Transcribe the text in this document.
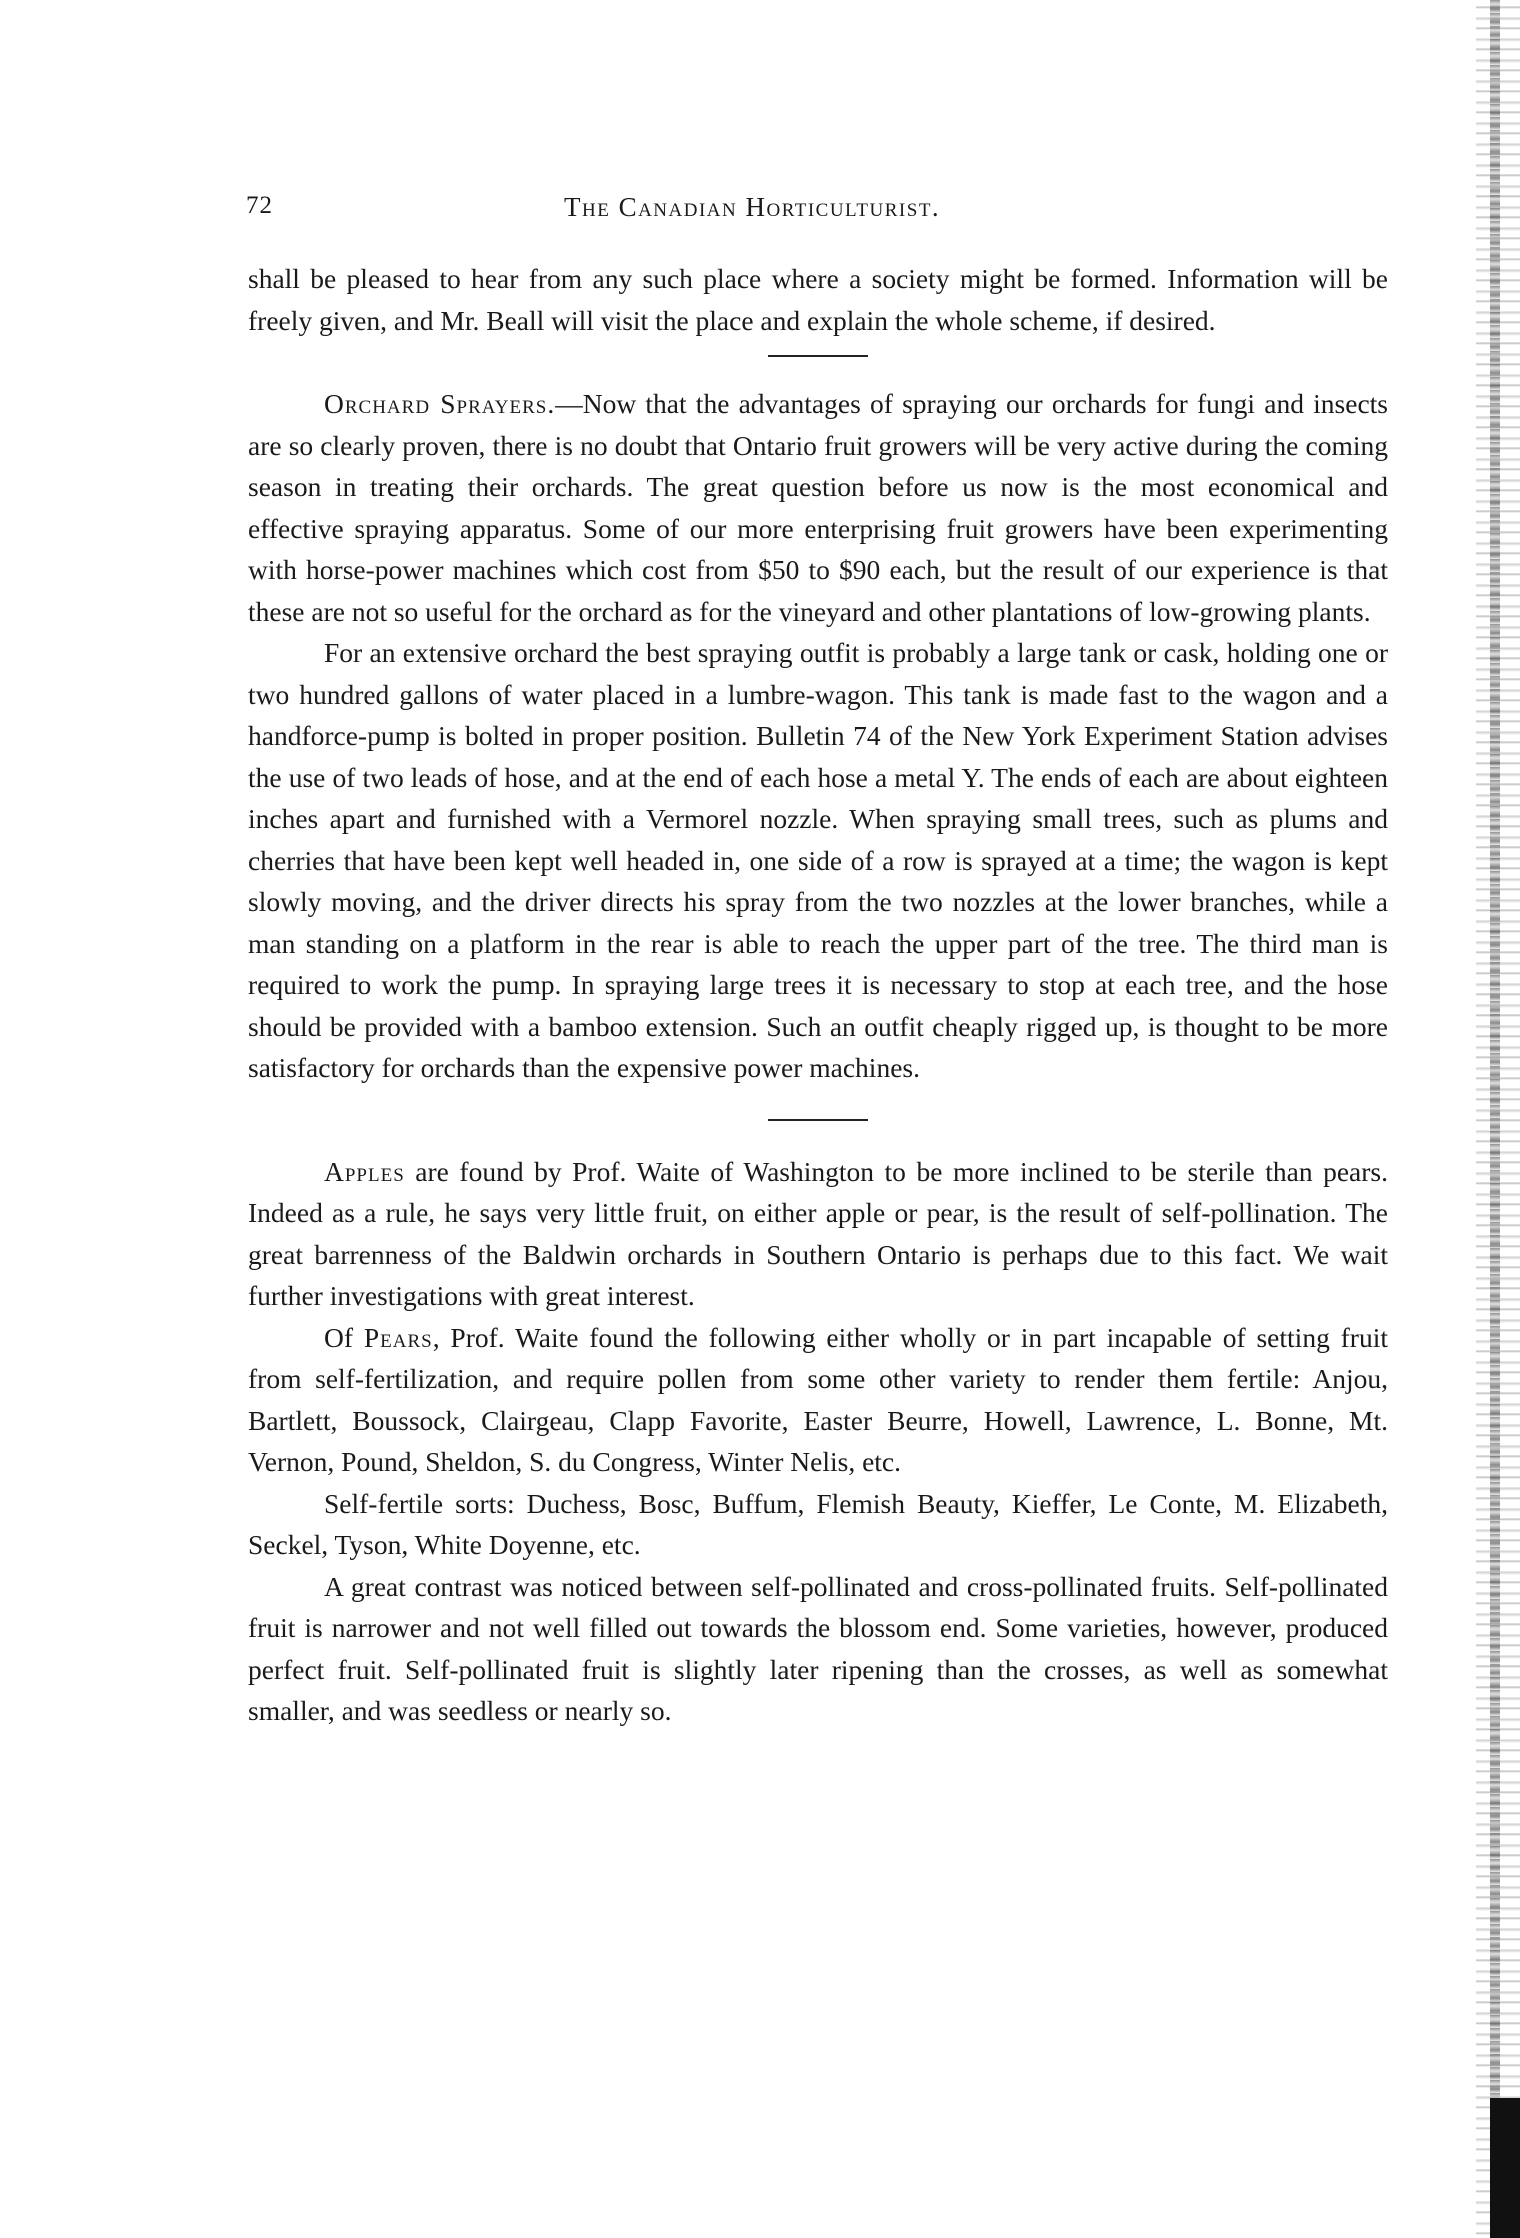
72	The Canadian Horticulturist.

shall be pleased to hear from any such place where a society might be formed. Information will be freely given, and Mr. Beall will visit the place and explain the whole scheme, if desired.

Orchard Sprayers.—Now that the advantages of spraying our orchards for fungi and insects are so clearly proven, there is no doubt that Ontario fruit growers will be very active during the coming season in treating their orchards. The great question before us now is the most economical and effective spraying apparatus. Some of our more enterprising fruit growers have been experimenting with horse-power machines which cost from $50 to $90 each, but the result of our experience is that these are not so useful for the orchard as for the vineyard and other plantations of low-growing plants.

For an extensive orchard the best spraying outfit is probably a large tank or cask, holding one or two hundred gallons of water placed in a lumbre-wagon. This tank is made fast to the wagon and a handforce-pump is bolted in proper position. Bulletin 74 of the New York Experiment Station advises the use of two leads of hose, and at the end of each hose a metal Y. The ends of each are about eighteen inches apart and furnished with a Vermorel nozzle. When spraying small trees, such as plums and cherries that have been kept well headed in, one side of a row is sprayed at a time; the wagon is kept slowly moving, and the driver directs his spray from the two nozzles at the lower branches, while a man standing on a platform in the rear is able to reach the upper part of the tree. The third man is required to work the pump. In spraying large trees it is necessary to stop at each tree, and the hose should be provided with a bamboo extension. Such an outfit cheaply rigged up, is thought to be more satisfactory for orchards than the expensive power machines.

Apples are found by Prof. Waite of Washington to be more inclined to be sterile than pears. Indeed as a rule, he says very little fruit, on either apple or pear, is the result of self-pollination. The great barrenness of the Baldwin orchards in Southern Ontario is perhaps due to this fact. We wait further investigations with great interest.

Of Pears, Prof. Waite found the following either wholly or in part incapable of setting fruit from self-fertilization, and require pollen from some other variety to render them fertile: Anjou, Bartlett, Boussock, Clairgeau, Clapp Favorite, Easter Beurre, Howell, Lawrence, L. Bonne, Mt. Vernon, Pound, Sheldon, S. du Congress, Winter Nelis, etc.

Self-fertile sorts: Duchess, Bosc, Buffum, Flemish Beauty, Kieffer, Le Conte, M. Elizabeth, Seckel, Tyson, White Doyenne, etc.

A great contrast was noticed between self-pollinated and cross-pollinated fruits. Self-pollinated fruit is narrower and not well filled out towards the blossom end. Some varieties, however, produced perfect fruit. Self-pollinated fruit is slightly later ripening than the crosses, as well as somewhat smaller, and was seedless or nearly so.
